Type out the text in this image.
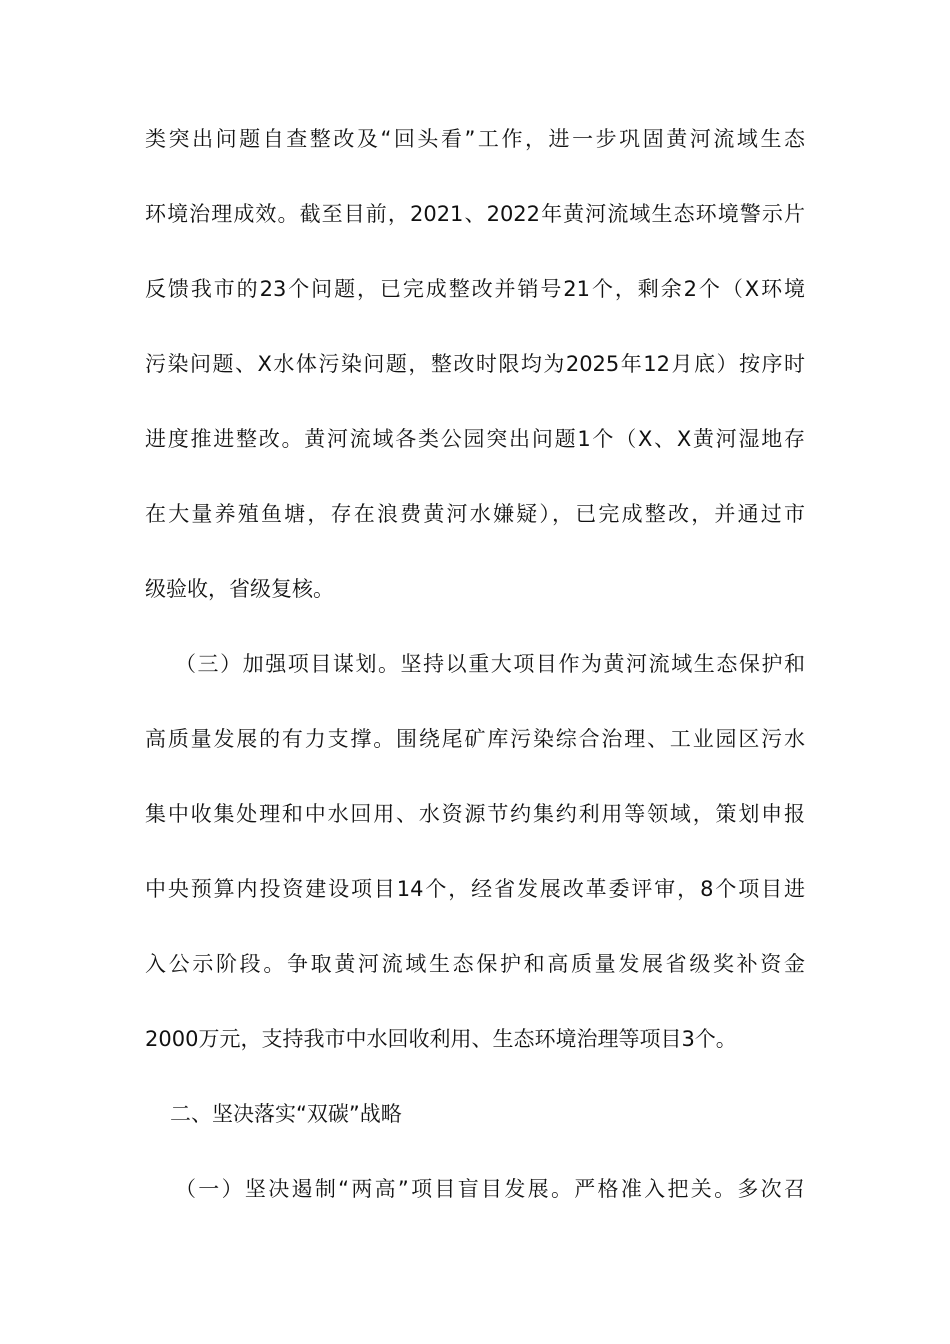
类突出问题自查整改及“回头看”工作，进一步巩固黄河流域生态
环境治理成效。截至目前，2021、2022年黄河流域生态环境警示片
反馈我市的23个问题，已完成整改并销号21个，剩余2个（X环境
污染问题、X水体污染问题，整改时限均为2025年12月底）按序时
进度推进整改。黄河流域各类公园突出问题1个（X、X黄河湿地存
在大量养殖鱼塘，存在浪费黄河水嫌疑），已完成整改，并通过市
级验收，省级复核。
（三）加强项目谋划。坚持以重大项目作为黄河流域生态保护和
高质量发展的有力支撑。围绕尾矿库污染综合治理、工业园区污水
集中收集处理和中水回用、水资源节约集约利用等领域，策划申报
中央预算内投资建设项目14个，经省发展改革委评审，8个项目进
入公示阶段。争取黄河流域生态保护和高质量发展省级奖补资金
2000万元，支持我市中水回收利用、生态环境治理等项目3个。
二、坚决落实“双碳”战略
（一）坚决遏制“两高”项目盲目发展。严格准入把关。多次召
